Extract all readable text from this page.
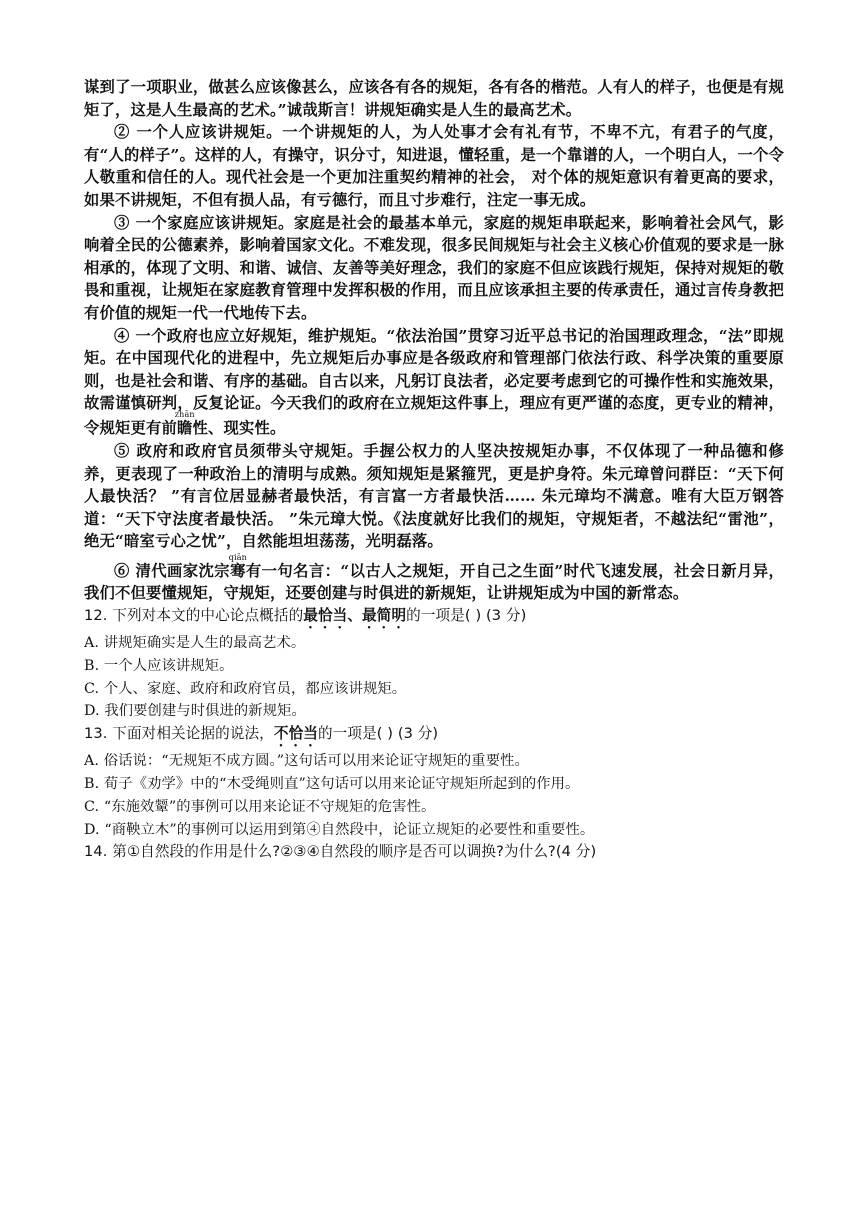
谋到了一项职业，做甚么应该像甚么，应该各有各的规矩，各有各的楷范。人有人的样子，也便是有规矩了，这是人生最高的艺术。”诚哉斯言！讲规矩确实是人生的最高艺术。

② 一个人应该讲规矩。一个讲规矩的人，为人处事才会有礼有节，不卑不亢，有君子的气度，有“人的样子”。这样的人，有操守，识分寸，知进退，懂轻重，是一个靠谱的人，一个明白人，一个令人敬重和信任的人。现代社会是一个更加注重契约精神的社会， 对个体的规矩意识有着更高的要求，如果不讲规矩，不但有损人品，有亏德行，而且寸步难行，注定一事无成。

③ 一个家庭应该讲规矩。家庭是社会的最基本单元，家庭的规矩串联起来，影响着社会风气，影响着全民的公德素养，影响着国家文化。不难发现，很多民间规矩与社会主义核心价值观的要求是一脉相承的，体现了文明、和谐、诚信、友善等美好理念，我们的家庭不但应该践行规矩，保持对规矩的敬畏和重视，让规矩在家庭教育管理中发挥积极的作用，而且应该承担主要的传承责任，通过言传身教把有价值的规矩一代一代地传下去。

④ 一个政府也应立好规矩，维护规矩。“依法治国”贯穿习近平总书记的治国理政理念，“法”即规矩。在中国现代化的进程中，先立规矩后办事应是各级政府和管理部门依法行政、科学决策的重要原则，也是社会和谐、有序的基础。自古以来，凡躬订良法者，必定要考虑到它的可操作性和实施效果，故需谨慎研判，反复论证。今天我们的政府在立规矩这件事上，理应有更严谨的态度，更专业的精神，令规矩更有前瞻zhān性、现实性。

⑤ 政府和政府官员须带头守规矩。手握公权力的人坚决按规矩办事，不仅体现了一种品德和修养，更表现了一种政治上的清明与成熟。须知规矩是紧箍咒，更是护身符。朱元璋曾问群臣：“天下何人最快活？ ”有言位居显赫者最快活，有言富一方者最快活…… 朱元璋均不满意。唯有大臣万钢答道：“天下守法度者最快活。 ”朱元璋大悦。《法度就好比我们的规矩，守规矩者，不越法纪“雷池”，绝无“暗室亏心之忧”，自然能坦坦荡荡，光明磊落。

⑥ 清代画家沈宗骞qiān有一句名言：“以古人之规矩，开自己之生面”时代飞速发展，社会日新月异，我们不但要懂规矩，守规矩，还要创建与时俱进的新规矩，让讲规矩成为中国的新常态。

12. 下列对本文的中心论点概括的最恰当、最简明的一项是( ) (3 分)

A. 讲规矩确实是人生的最高艺术。

B. 一个人应该讲规矩。

C. 个人、家庭、政府和政府官员，都应该讲规矩。

D. 我们要创建与时俱进的新规矩。

13. 下面对相关论据的说法，不恰当的一项是( ) (3 分)

A. 俗话说：“无规矩不成方圆。”这句话可以用来论证守规矩的重要性。

B. 荀子《劝学》中的“木受绳则直”这句话可以用来论证守规矩所起到的作用。

C. “东施效颦”的事例可以用来论证不守规矩的危害性。

D. “商鞅立木”的事例可以运用到第④自然段中，论证立规矩的必要性和重要性。

14. 第①自然段的作用是什么?②③④自然段的顺序是否可以调换?为什么?(4 分)
